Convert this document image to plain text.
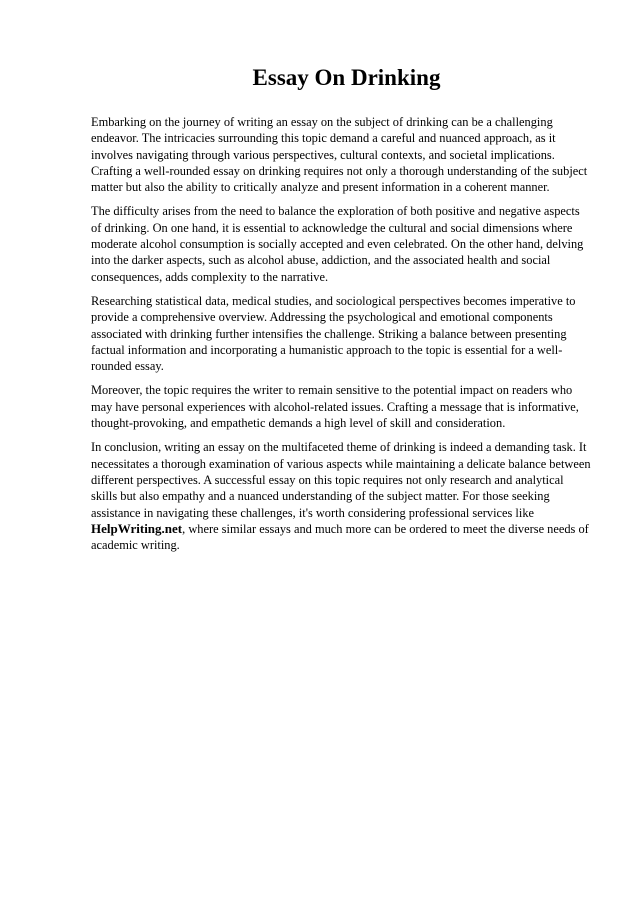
Essay On Drinking

Embarking on the journey of writing an essay on the subject of drinking can be a challenging endeavor. The intricacies surrounding this topic demand a careful and nuanced approach, as it involves navigating through various perspectives, cultural contexts, and societal implications. Crafting a well-rounded essay on drinking requires not only a thorough understanding of the subject matter but also the ability to critically analyze and present information in a coherent manner.

The difficulty arises from the need to balance the exploration of both positive and negative aspects of drinking. On one hand, it is essential to acknowledge the cultural and social dimensions where moderate alcohol consumption is socially accepted and even celebrated. On the other hand, delving into the darker aspects, such as alcohol abuse, addiction, and the associated health and social consequences, adds complexity to the narrative.

Researching statistical data, medical studies, and sociological perspectives becomes imperative to provide a comprehensive overview. Addressing the psychological and emotional components associated with drinking further intensifies the challenge. Striking a balance between presenting factual information and incorporating a humanistic approach to the topic is essential for a well-rounded essay.

Moreover, the topic requires the writer to remain sensitive to the potential impact on readers who may have personal experiences with alcohol-related issues. Crafting a message that is informative, thought-provoking, and empathetic demands a high level of skill and consideration.

In conclusion, writing an essay on the multifaceted theme of drinking is indeed a demanding task. It necessitates a thorough examination of various aspects while maintaining a delicate balance between different perspectives. A successful essay on this topic requires not only research and analytical skills but also empathy and a nuanced understanding of the subject matter. For those seeking assistance in navigating these challenges, it's worth considering professional services like HelpWriting.net, where similar essays and much more can be ordered to meet the diverse needs of academic writing.
